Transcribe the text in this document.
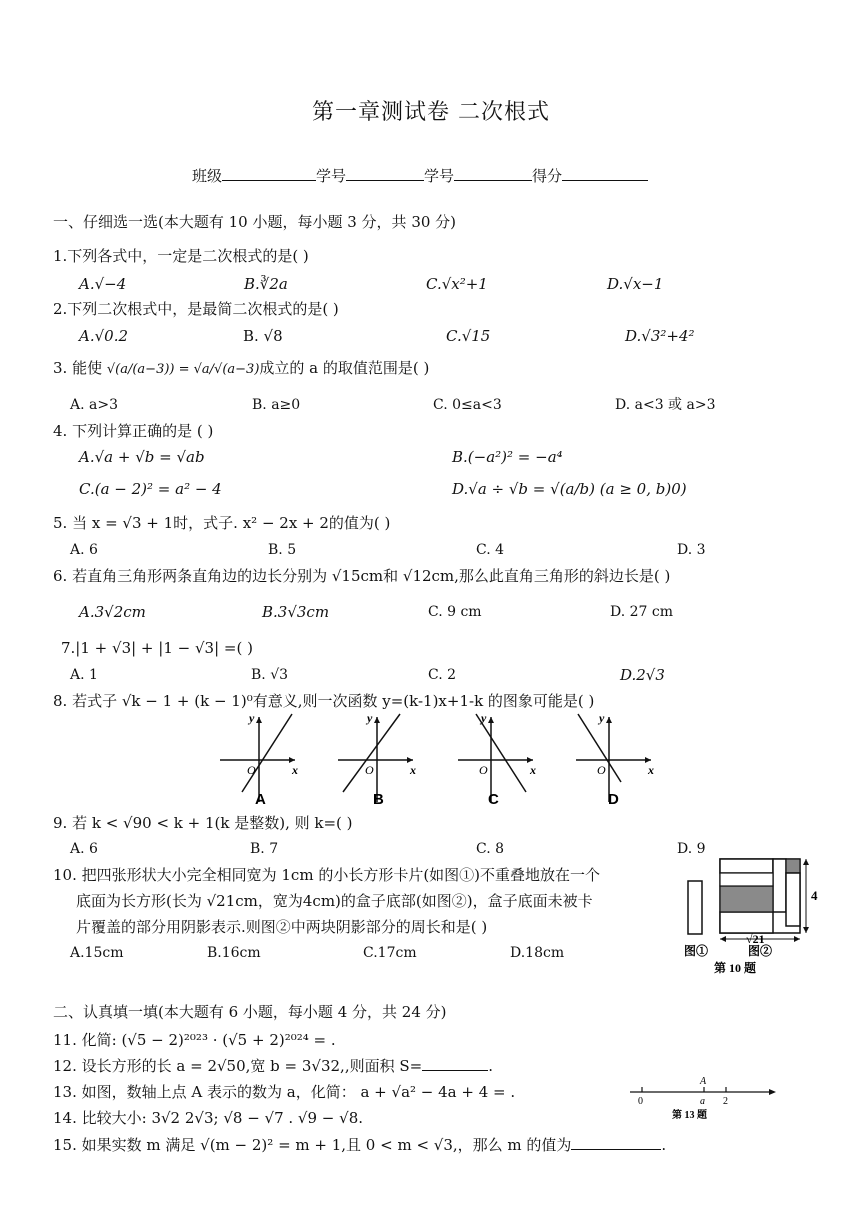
第一章测试卷 二次根式
班级	学号	学号	得分
一、仔细选一选(本大题有 10 小题，每小题 3 分，共 30 分)
1.下列各式中，一定是二次根式的是( )
A.√−4	B.∛2a	C.√x²+1	D.√x−1
2.下列二次根式中，是最简二次根式的是( )
A.√0.2	B. √8	C.√15	D.√3²+4²
3. 能使 √(a/(a−3)) = √a/√(a−3)成立的 a 的取值范围是( )
A. a>3	B. a≥0	C. 0≤a<3	D. a<3 或 a>3
4. 下列计算正确的是 ( )
A.√a + √b = √ab	B.(−a²)² = −a⁴
C.(a − 2)² = a² − 4	D.√a ÷ √b = √(a/b) (a ≥ 0, b)0)
5. 当 x = √3 + 1时，式子. x² − 2x + 2的值为( )
A. 6	B. 5	C. 4	D. 3
6. 若直角三角形两条直角边的边长分别为 √15cm和 √12cm,那么此直角三角形的斜边长是( )
A.3√2cm	B.3√3cm	C. 9 cm	D. 27 cm
7.|1 + √3| + |1 − √3| =( )
A. 1	B. √3	C. 2	D.2√3
8. 若式子 √k − 1 + (k − 1)⁰有意义,则一次函数 y=(k-1)x+1-k 的图象可能是( )
y
x
O
A
y
x
O
B
y
x
O
C
y
x
O
D
9. 若 k < √90 < k + 1(k 是整数), 则 k=( )
A. 6	B. 7	C. 8	D. 9
10. 把四张形状大小完全相同宽为 1cm 的小长方形卡片(如图①)不重叠地放在一个
底面为长方形(长为 √21cm，宽为4cm)的盒子底部(如图②)，盒子底面未被卡
片覆盖的部分用阴影表示.则图②中两块阴影部分的周长和是( )
A.15cm	B.16cm	C.17cm	D.18cm
4
√21
图①	图②
第 10 题
二、认真填一填(本大题有 6 小题，每小题 4 分，共 24 分)
11. 化简: (√5 − 2)²⁰²³ · (√5 + 2)²⁰²⁴ = .
12. 设长方形的长 a = 2√50,宽 b = 3√32,,则面积 S=	.
13. 如图，数轴上点 A 表示的数为 a，化简： a + √a² − 4a + 4 = .
A
0	a 2
第 13 题
14. 比较大小: 3√2 2√3; √8 − √7 . √9 − √8.
15. 如果实数 m 满足 √(m − 2)² = m + 1,且 0 < m < √3,，那么 m 的值为	.
